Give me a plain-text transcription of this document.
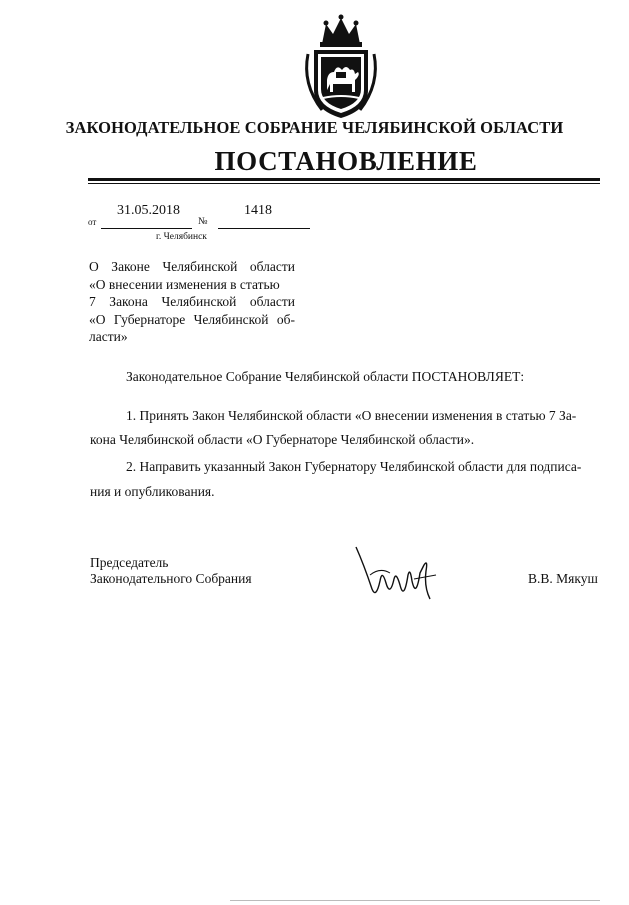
ЗАКОНОДАТЕЛЬНОЕ СОБРАНИЕ ЧЕЛЯБИНСКОЙ ОБЛАСТИ
ПОСТАНОВЛЕНИЕ
31.05.2018	1418
от	№
г. Челябинск
О Законе Челябинской области
«О внесении изменения в статью
7 Закона Челябинской области
«О Губернаторе Челябинской об-
ласти»
Законодательное Собрание Челябинской области ПОСТАНОВЛЯЕТ:
1. Принять Закон Челябинской области «О внесении изменения в статью 7 За-
кона Челябинской области «О Губернаторе Челябинской области».
2. Направить указанный Закон Губернатору Челябинской области для подписа-
ния и опубликования.
Председатель
Законодательного Собрания	В.В. Мякуш
